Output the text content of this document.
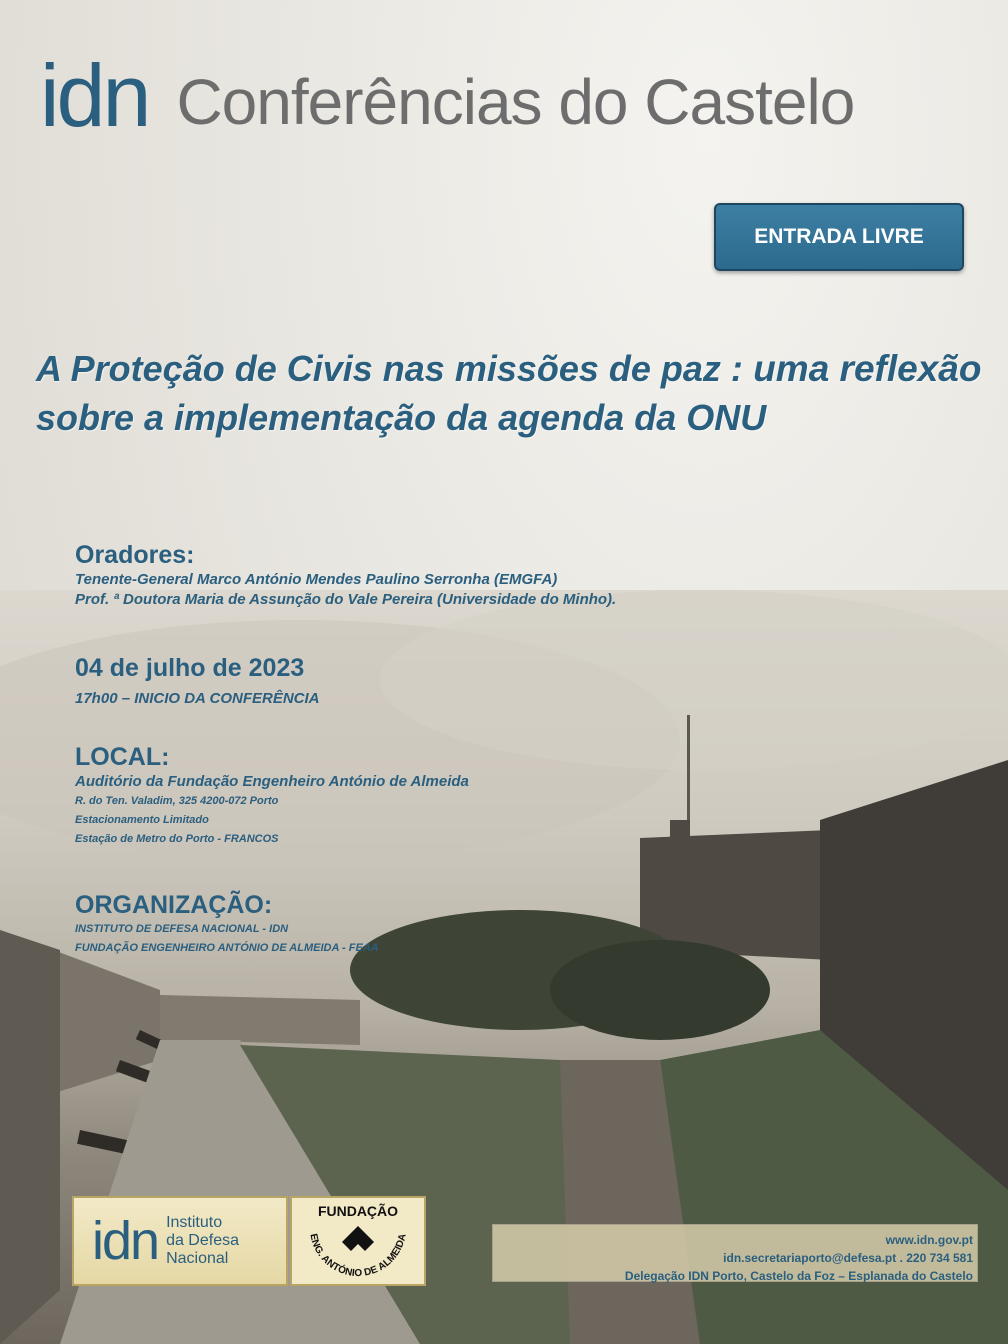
idn Conferências do Castelo
ENTRADA LIVRE
A Proteção de Civis nas missões de paz : uma reflexão
sobre a implementação da agenda da ONU
Oradores:
Tenente-General Marco António Mendes Paulino Serronha (EMGFA)
Prof. ª Doutora Maria de Assunção do Vale Pereira (Universidade do Minho).
04 de julho de 2023
17h00 – INICIO DA CONFERÊNCIA
LOCAL:
Auditório da Fundação Engenheiro António de Almeida
R. do Ten. Valadim, 325 4200-072 Porto
Estacionamento Limitado
Estação de Metro do Porto - FRANCOS
ORGANIZAÇÃO:
INSTITUTO DE DEFESA NACIONAL - IDN
FUNDAÇÃO ENGENHEIRO ANTÓNIO DE ALMEIDA - FEAA
idn Instituto
da Defesa Nacional
FUNDAÇÃO
ENG. ANTÓNIO DE ALMEIDA	www.idn.gov.pt
idn.secretariaporto@defesa.pt . 220 734 581
Delegação IDN Porto, Castelo da Foz – Esplanada do Castelo
